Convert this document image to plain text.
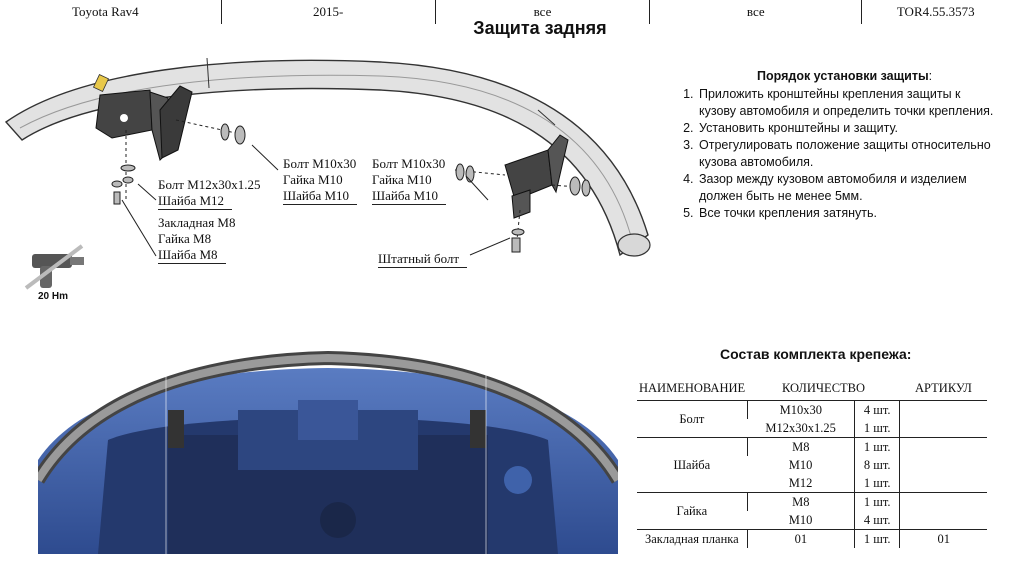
Toyota Rav4	2015-	все	все	TOR4.55.3573
Защита задняя
20 Hm
Болт М10x30
Гайка М10
Шайба М10
Болт М10x30
Гайка М10
Шайба М10
Болт М12x30x1.25
Шайба М12
Закладная М8
Гайка М8
Шайба М8	Штатный болт
Порядок установки защиты:
1. Приложить кронштейны крепления защиты к кузову автомобиля и определить точки крепления.
2. Установить кронштейны и защиту.
3. Отрегулировать положение защиты относительно кузова автомобиля.
4. Зазор между кузовом автомобиля и изделием должен быть не менее 5мм.
5. Все точки крепления затянуть.
Состав комплекта крепежа:
НАИМЕНОВАНИЕ	КОЛИЧЕСТВО		АРТИКУЛ
Болт	M10x30	4 шт.	
	M12x30x1.25	1 шт.	
Шайба	M8	1 шт.	
	M10	8 шт.	
	M12	1 шт.	
Гайка	M8	1 шт.	
	M10	4 шт.	
Закладная планка	01	1 шт.	01
